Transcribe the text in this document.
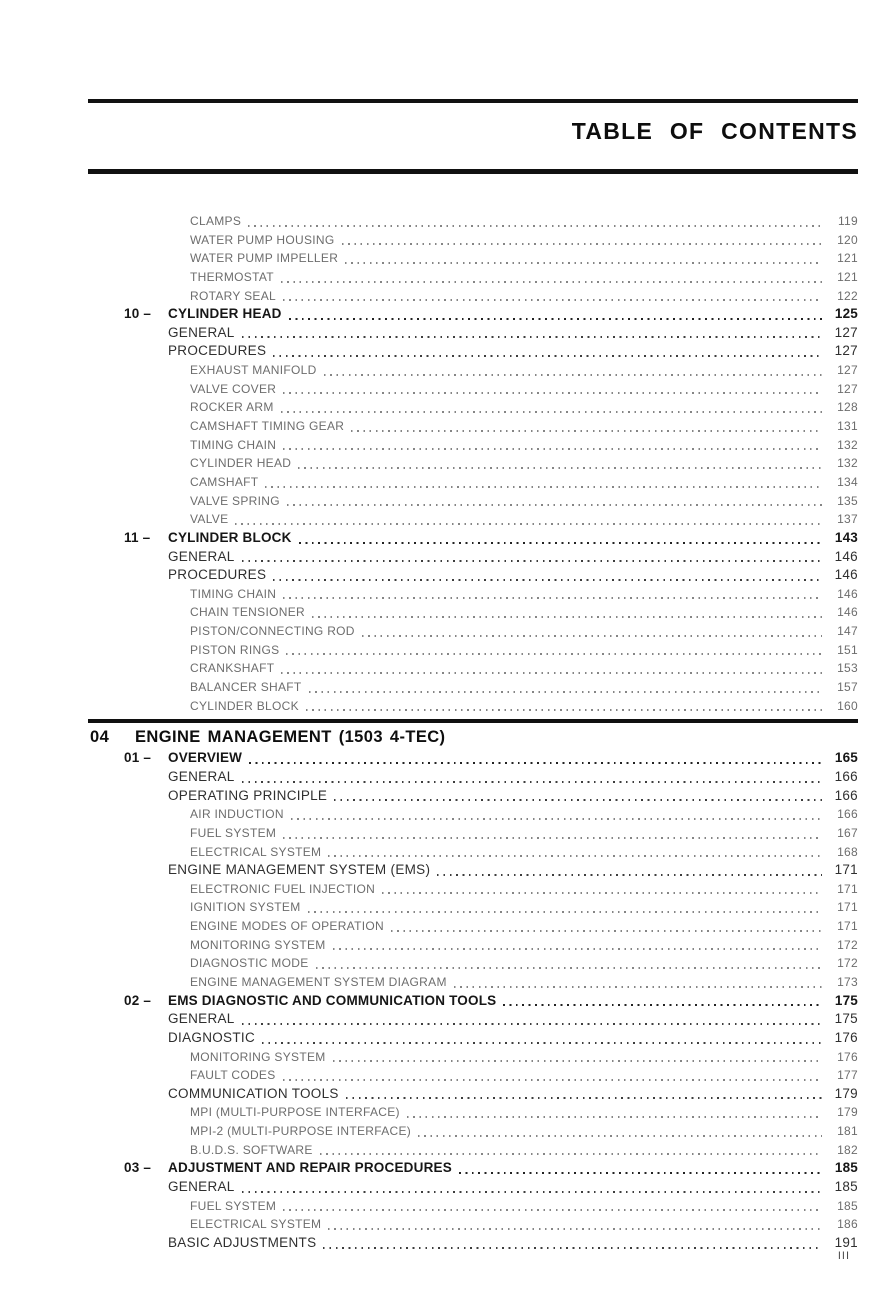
TABLE OF CONTENTS
CLAMPS	119
WATER PUMP HOUSING	120
WATER PUMP IMPELLER	121
THERMOSTAT	121
ROTARY SEAL	122
10 –	CYLINDER HEAD	125
GENERAL	127
PROCEDURES	127
EXHAUST MANIFOLD	127
VALVE COVER	127
ROCKER ARM	128
CAMSHAFT TIMING GEAR	131
TIMING CHAIN	132
CYLINDER HEAD	132
CAMSHAFT	134
VALVE SPRING	135
VALVE	137
11 –	CYLINDER BLOCK	143
GENERAL	146
PROCEDURES	146
TIMING CHAIN	146
CHAIN TENSIONER	146
PISTON/CONNECTING ROD	147
PISTON RINGS	151
CRANKSHAFT	153
BALANCER SHAFT	157
CYLINDER BLOCK	160
04	ENGINE MANAGEMENT (1503 4-TEC)
01 –	OVERVIEW	165
GENERAL	166
OPERATING PRINCIPLE	166
AIR INDUCTION	166
FUEL SYSTEM	167
ELECTRICAL SYSTEM	168
ENGINE MANAGEMENT SYSTEM (EMS)	171
ELECTRONIC FUEL INJECTION	171
IGNITION SYSTEM	171
ENGINE MODES OF OPERATION	171
MONITORING SYSTEM	172
DIAGNOSTIC MODE	172
ENGINE MANAGEMENT SYSTEM DIAGRAM	173
02 –	EMS DIAGNOSTIC AND COMMUNICATION TOOLS	175
GENERAL	175
DIAGNOSTIC	176
MONITORING SYSTEM	176
FAULT CODES	177
COMMUNICATION TOOLS	179
MPI (MULTI-PURPOSE INTERFACE)	179
MPI-2 (MULTI-PURPOSE INTERFACE)	181
B.U.D.S. SOFTWARE	182
03 –	ADJUSTMENT AND REPAIR PROCEDURES	185
GENERAL	185
FUEL SYSTEM	185
ELECTRICAL SYSTEM	186
BASIC ADJUSTMENTS	191
III
